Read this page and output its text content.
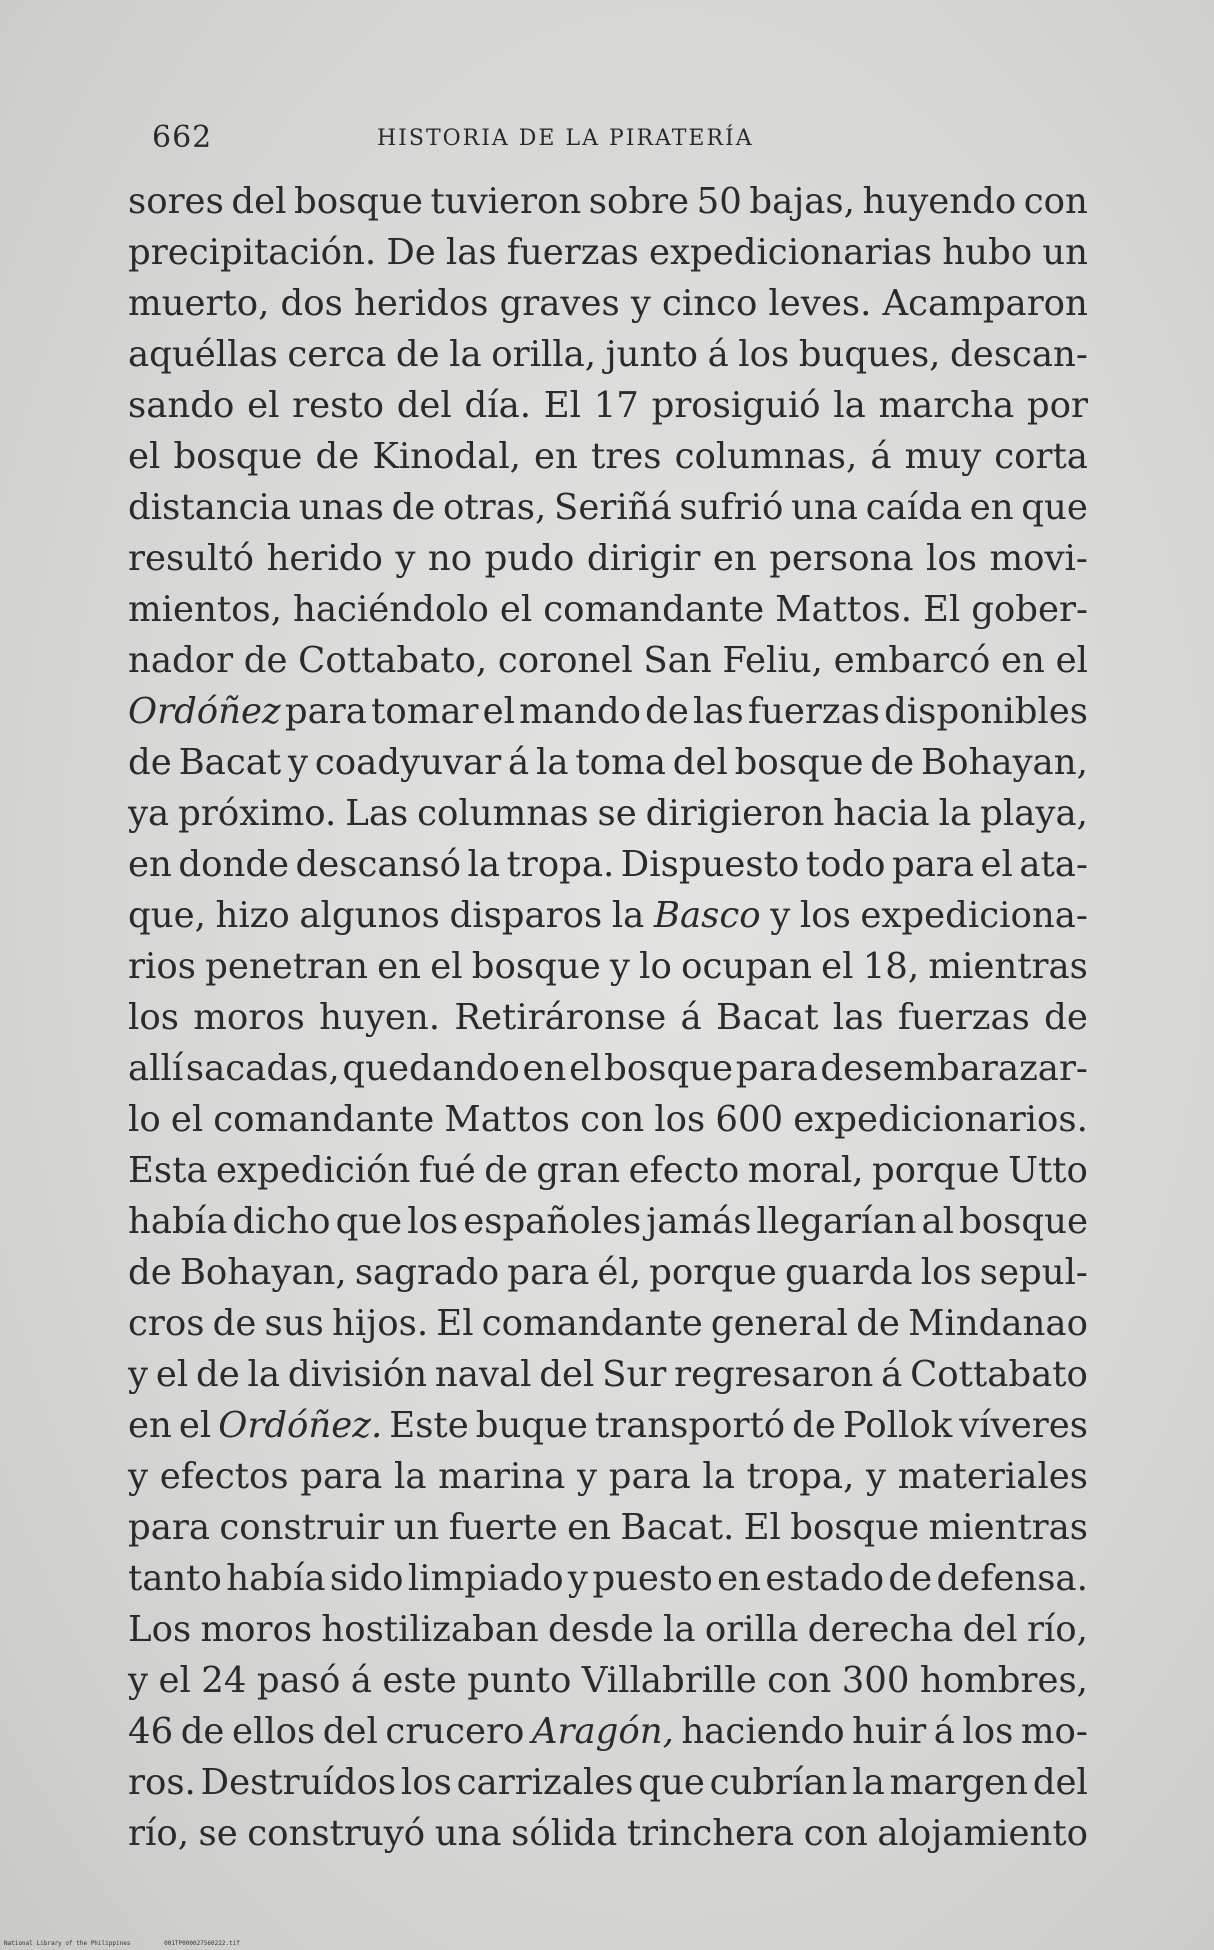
662	HISTORIA DE LA PIRATERÍA
sores del bosque tuvieron sobre 50 bajas, huyendo con
precipitación. De las fuerzas expedicionarias hubo un
muerto, dos heridos graves y cinco leves. Acamparon
aquéllas cerca de la orilla, junto á los buques, descan-
sando el resto del día. El 17 prosiguió la marcha por
el bosque de Kinodal, en tres columnas, á muy corta
distancia unas de otras, Seriñá sufrió una caída en que
resultó herido y no pudo dirigir en persona los movi-
mientos, haciéndolo el comandante Mattos. El gober-
nador de Cottabato, coronel San Feliu, embarcó en el
Ordóñez para tomar el mando de las fuerzas disponibles
de Bacat y coadyuvar á la toma del bosque de Bohayan,
ya próximo. Las columnas se dirigieron hacia la playa,
en donde descansó la tropa. Dispuesto todo para el ata-
que, hizo algunos disparos la Basco y los expediciona-
rios penetran en el bosque y lo ocupan el 18, mientras
los moros huyen. Retiráronse á Bacat las fuerzas de
allí sacadas, quedando en el bosque para desembarazar-
lo el comandante Mattos con los 600 expedicionarios.
Esta expedición fué de gran efecto moral, porque Utto
había dicho que los españoles jamás llegarían al bosque
de Bohayan, sagrado para él, porque guarda los sepul-
cros de sus hijos. El comandante general de Mindanao
y el de la división naval del Sur regresaron á Cottabato
en el Ordóñez. Este buque transportó de Pollok víveres
y efectos para la marina y para la tropa, y materiales
para construir un fuerte en Bacat. El bosque mientras
tanto había sido limpiado y puesto en estado de defensa.
Los moros hostilizaban desde la orilla derecha del río,
y el 24 pasó á este punto Villabrille con 300 hombres,
46 de ellos del crucero Aragón, haciendo huir á los mo-
ros. Destruídos los carrizales que cubrían la margen del
río, se construyó una sólida trinchera con alojamiento
National Library of the Philippines	001TP000027560222.tif
